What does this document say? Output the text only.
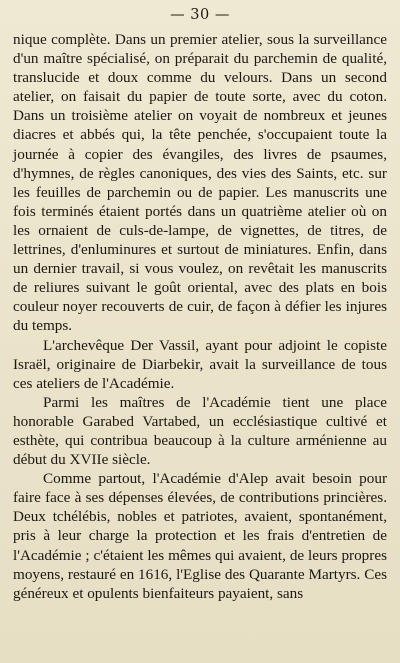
— 30 —

nique complète. Dans un premier atelier, sous la surveillance d'un maître spécialisé, on préparait du parchemin de qualité, translucide et doux comme du velours. Dans un second atelier, on faisait du papier de toute sorte, avec du coton. Dans un troisième atelier on voyait de nombreux et jeunes diacres et abbés qui, la tête penchée, s'occupaient toute la journée à copier des évangiles, des livres de psaumes, d'hymnes, de règles canoniques, des vies des Saints, etc. sur les feuilles de parchemin ou de papier. Les manuscrits une fois terminés étaient portés dans un quatrième atelier où on les ornaient de culs-de-lampe, de vignettes, de titres, de lettrines, d'enluminures et surtout de miniatures. Enfin, dans un dernier travail, si vous voulez, on revêtait les manuscrits de reliures suivant le goût oriental, avec des plats en bois couleur noyer recouverts de cuir, de façon à défier les injures du temps.

L'archevêque Der Vassil, ayant pour adjoint le copiste Israël, originaire de Diarbekir, avait la surveillance de tous ces ateliers de l'Académie.

Parmi les maîtres de l'Académie tient une place honorable Garabed Vartabed, un ecclésiastique cultivé et esthète, qui contribua beaucoup à la culture arménienne au début du XVIIe siècle.

Comme partout, l'Académie d'Alep avait besoin pour faire face à ses dépenses élevées, de contributions princières. Deux tchélébis, nobles et patriotes, avaient, spontanément, pris à leur charge la protection et les frais d'entretien de l'Académie ; c'étaient les mêmes qui avaient, de leurs propres moyens, restauré en 1616, l'Eglise des Quarante Martyrs. Ces généreux et opulents bienfaiteurs payaient, sans
